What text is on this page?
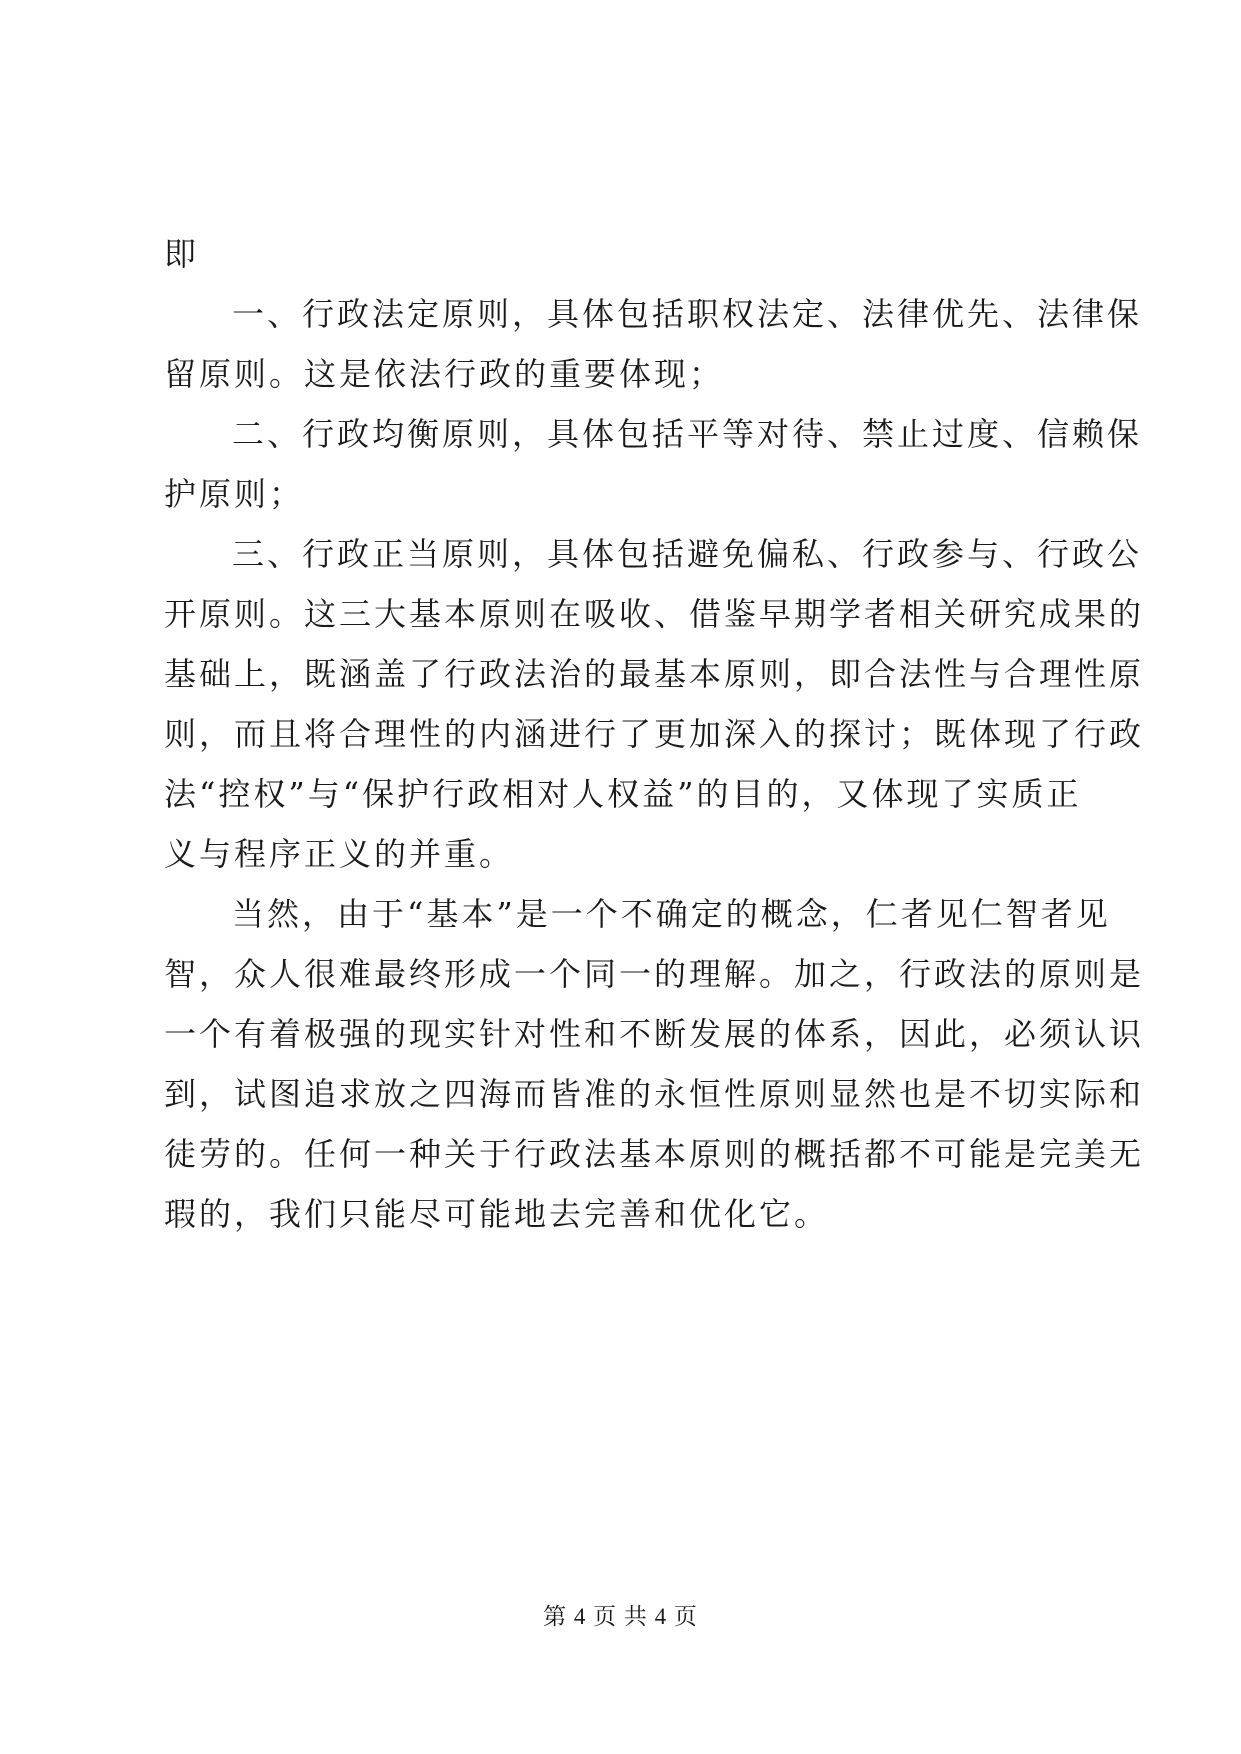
即
一、行政法定原则，具体包括职权法定、法律优先、法律保
留原则。这是依法行政的重要体现；
二、行政均衡原则，具体包括平等对待、禁止过度、信赖保
护原则；
三、行政正当原则，具体包括避免偏私、行政参与、行政公
开原则。这三大基本原则在吸收、借鉴早期学者相关研究成果的
基础上，既涵盖了行政法治的最基本原则，即合法性与合理性原
则，而且将合理性的内涵进行了更加深入的探讨；既体现了行政
法“控权”与“保护行政相对人权益”的目的，又体现了实质正
义与程序正义的并重。
当然，由于“基本”是一个不确定的概念，仁者见仁智者见
智，众人很难最终形成一个同一的理解。加之，行政法的原则是
一个有着极强的现实针对性和不断发展的体系，因此，必须认识
到，试图追求放之四海而皆准的永恒性原则显然也是不切实际和
徒劳的。任何一种关于行政法基本原则的概括都不可能是完美无
瑕的，我们只能尽可能地去完善和优化它。
第 4 页 共 4 页
